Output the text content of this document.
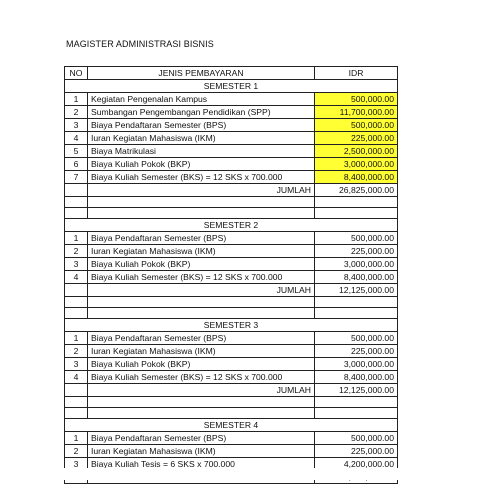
MAGISTER ADMINISTRASI BISNIS
NO	JENIS PEMBAYARAN	IDR
SEMESTER 1		
1	Kegiatan Pengenalan Kampus	500,000.00
2	Sumbangan Pengembangan Pendidikan (SPP)	11,700,000.00
3	Biaya Pendaftaran Semester (BPS)	500,000.00
4	Iuran Kegiatan Mahasiswa (IKM)	225,000.00
5	Biaya Matrikulasi	2,500,000.00
6	Biaya Kuliah Pokok (BKP)	3,000,000.00
7	Biaya Kuliah Semester (BKS) = 12 SKS x 700.000	8,400,000.00
	JUMLAH	26,825,000.00

SEMESTER 2		
1	Biaya Pendaftaran Semester (BPS)	500,000.00
2	Iuran Kegiatan Mahasiswa (IKM)	225,000.00
3	Biaya Kuliah Pokok (BKP)	3,000,000.00
4	Biaya Kuliah Semester (BKS) = 12 SKS x 700.000	8,400,000.00
	JUMLAH	12,125,000.00

SEMESTER 3		
1	Biaya Pendaftaran Semester (BPS)	500,000.00
2	Iuran Kegiatan Mahasiswa (IKM)	225,000.00
3	Biaya Kuliah Pokok (BKP)	3,000,000.00
4	Biaya Kuliah Semester (BKS) = 12 SKS x 700.000	8,400,000.00
	JUMLAH	12,125,000.00

SEMESTER 4		
1	Biaya Pendaftaran Semester (BPS)	500,000.00
2	Iuran Kegiatan Mahasiswa (IKM)	225,000.00
3	Biaya Kuliah Tesis = 6 SKS x 700.000	4,200,000.00
